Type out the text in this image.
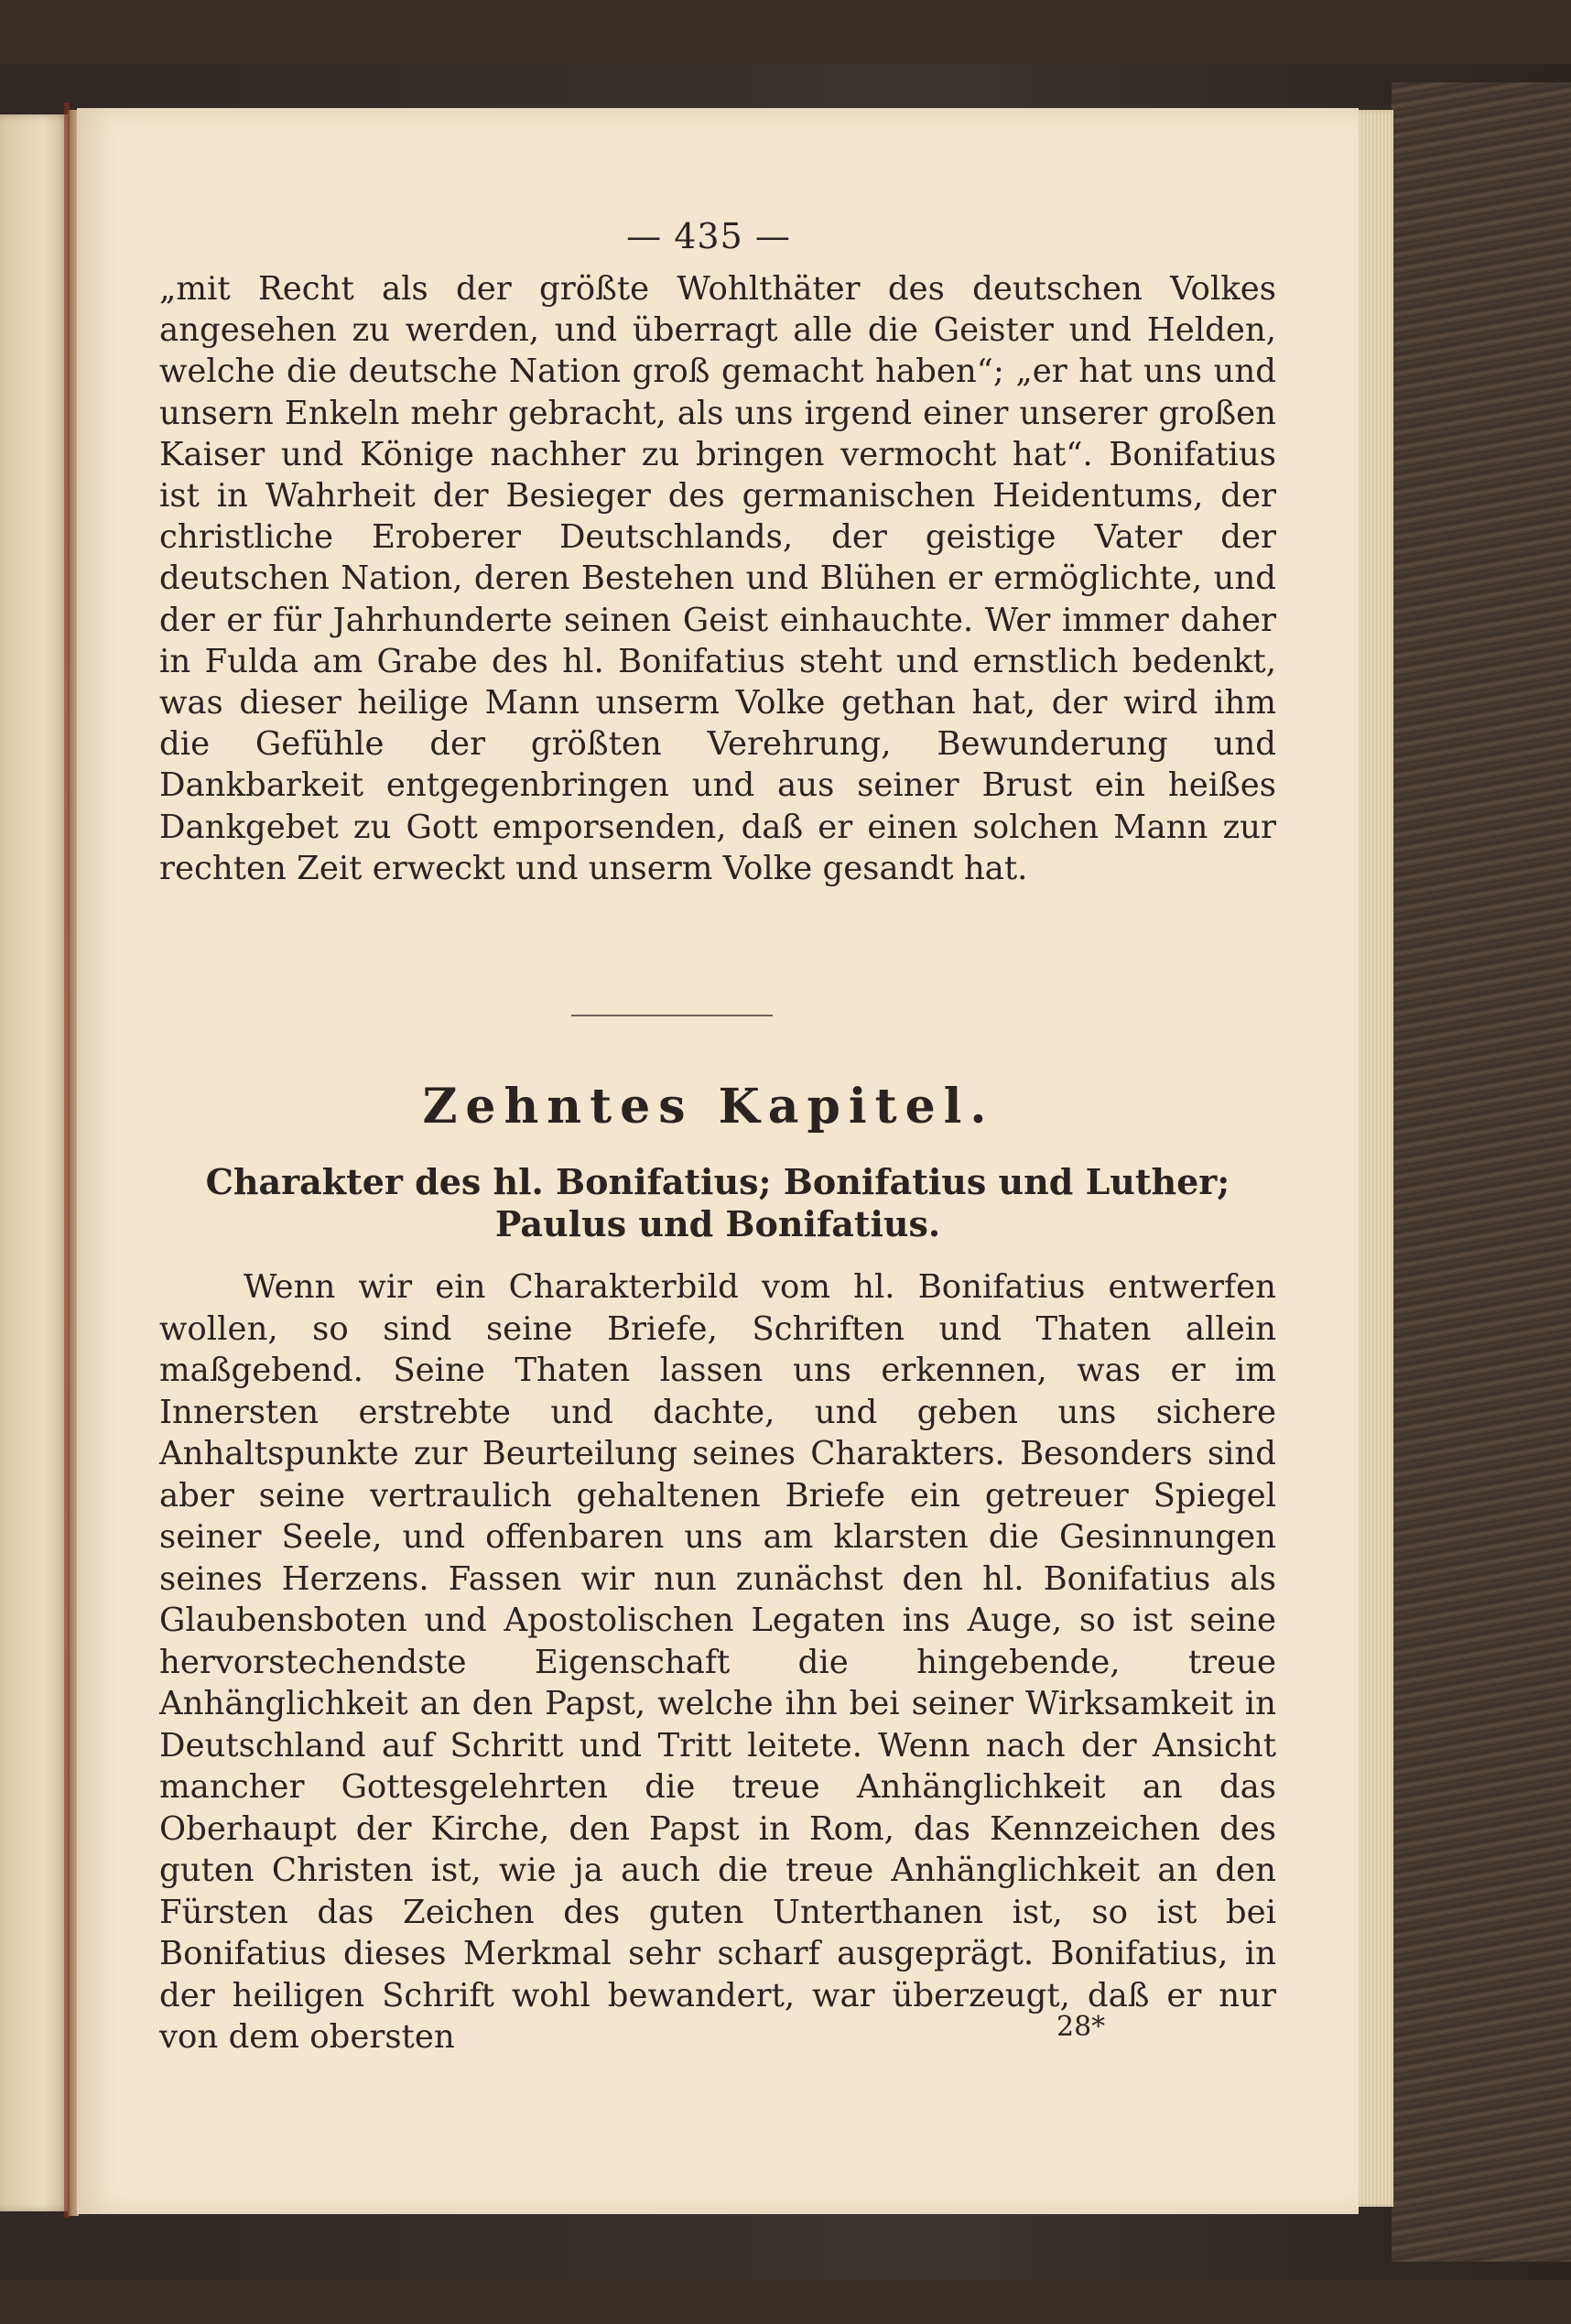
— 435 —

„mit Recht als der größte Wohlthäter des deutschen Volkes angesehen zu werden, und überragt alle die Geister und Helden, welche die deutsche Nation groß gemacht haben“; „er hat uns und unsern Enkeln mehr gebracht, als uns irgend einer unserer großen Kaiser und Könige nachher zu bringen vermocht hat“. Bonifatius ist in Wahrheit der Besieger des germanischen Heidentums, der christliche Eroberer Deutschlands, der geistige Vater der deutschen Nation, deren Bestehen und Blühen er ermöglichte, und der er für Jahrhunderte seinen Geist einhauchte. Wer immer daher in Fulda am Grabe des hl. Bonifatius steht und ernstlich bedenkt, was dieser heilige Mann unserm Volke gethan hat, der wird ihm die Gefühle der größten Verehrung, Bewunderung und Dankbarkeit entgegenbringen und aus seiner Brust ein heißes Dankgebet zu Gott emporsenden, daß er einen solchen Mann zur rechten Zeit erweckt und unserm Volke gesandt hat.

Zehntes Kapitel.
Charakter des hl. Bonifatius; Bonifatius und Luther;
Paulus und Bonifatius.

Wenn wir ein Charakterbild vom hl. Bonifatius entwerfen wollen, so sind seine Briefe, Schriften und Thaten allein maßgebend. Seine Thaten lassen uns erkennen, was er im Innersten erstrebte und dachte, und geben uns sichere Anhaltspunkte zur Beurteilung seines Charakters. Besonders sind aber seine vertraulich gehaltenen Briefe ein getreuer Spiegel seiner Seele, und offenbaren uns am klarsten die Gesinnungen seines Herzens. Fassen wir nun zunächst den hl. Bonifatius als Glaubensboten und Apostolischen Legaten ins Auge, so ist seine hervorstechendste Eigenschaft die hingebende, treue Anhänglichkeit an den Papst, welche ihn bei seiner Wirksamkeit in Deutschland auf Schritt und Tritt leitete. Wenn nach der Ansicht mancher Gottesgelehrten die treue Anhänglichkeit an das Oberhaupt der Kirche, den Papst in Rom, das Kennzeichen des guten Christen ist, wie ja auch die treue Anhänglichkeit an den Fürsten das Zeichen des guten Unterthanen ist, so ist bei Bonifatius dieses Merkmal sehr scharf ausgeprägt. Bonifatius, in der heiligen Schrift wohl bewandert, war überzeugt, daß er nur von dem obersten	28*
